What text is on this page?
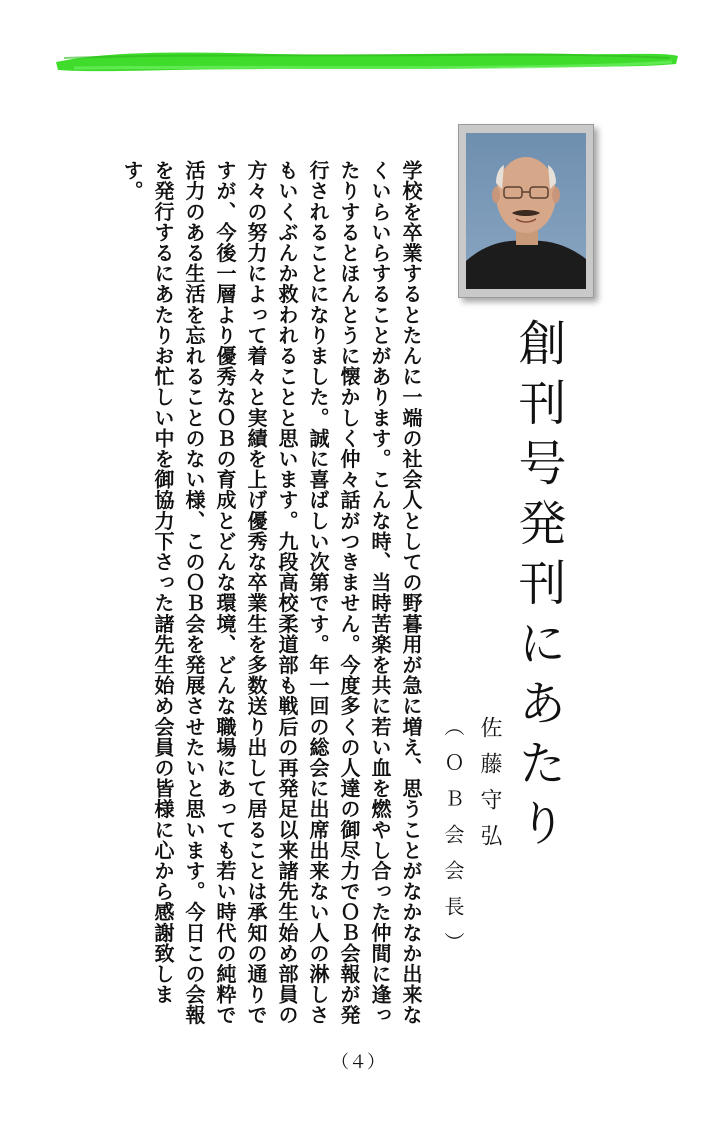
創刊号発刊にあたり
佐藤守弘
（ＯＢ会会長）
学校を卒業するとたんに一端の社会人としての野暮用が急に増え、思うことがなかなか出来なくいらいらすることがあります。こんな時、当時苦楽を共に若い血を燃やし合った仲間に逢ったりするとほんとうに懐かしく仲々話がつきません。今度多くの人達の御尽力でＯＢ会報が発行されることになりました。誠に喜ばしい次第です。年一回の総会に出席出来ない人の淋しさもいくぶんか救われることと思います。九段高校柔道部も戦后の再発足以来諸先生始め部員の方々の努力によって着々と実績を上げ優秀な卒業生を多数送り出して居ることは承知の通りですが、今後一層より優秀なＯＢの育成とどんな環境、どんな職場にあっても若い時代の純粋で活力のある生活を忘れることのない様、このＯＢ会を発展させたいと思います。今日この会報を発行するにあたりお忙しい中を御協力下さった諸先生始め会員の皆様に心から感謝致します。
（４）
